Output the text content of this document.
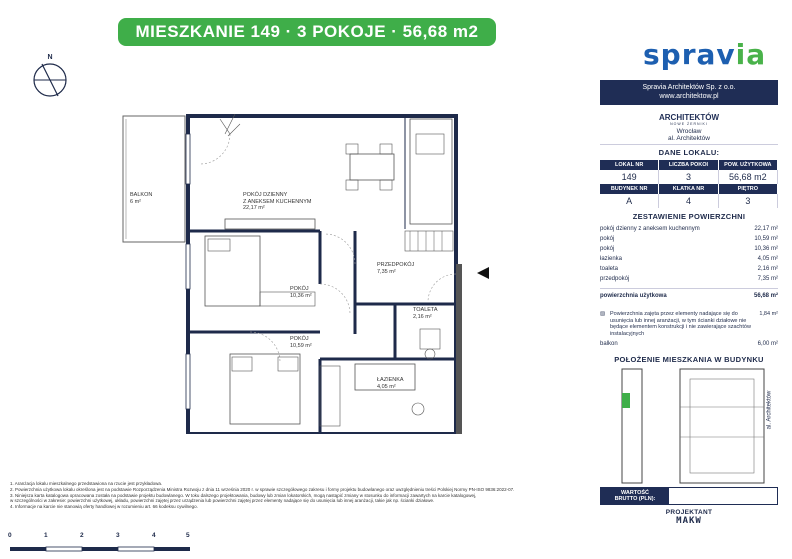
MIESZKANIE 149 · 3 POKOJE · 56,68 m2
spravia
N
POKÓJ DZIENNY
Z ANEKSEM KUCHENNYM
22,17 m²
BALKON
6 m²
POKÓJ
10,36 m²
PRZEDPOKÓJ
7,35 m²
TOALETA
2,16 m²
POKÓJ
10,59 m²
ŁAZIENKA
4,05 m²
Spravia Architektów Sp. z o.o.
www.architektow.pl
ARCHITEKTÓW
NOWE ŻERNIKI
Wrocław
al. Architektów
DANE LOKALU:
LOKAL NR	LICZBA POKOI	POW. UŻYTKOWA
149	3	56,68 m2
BUDYNEK NR	KLATKA NR	PIĘTRO
A	4	3
ZESTAWIENIE POWIERZCHNI
pokój dzienny z aneksem kuchennym	22,17 m²
pokój	10,59 m²
pokój	10,36 m²
łazienka	4,05 m²
toaleta	2,16 m²
przedpokój	7,35 m²
powierzchnia użytkowa	56,68 m²
▨ Powierzchnia zajęta przez elementy nadające się do usunięcia lub innej aranżacji, w tym ścianki działowe nie będące elementem konstrukcji i nie zawierające szachtów instalacyjnych
1,84 m²
balkon	6,00 m²
POŁOŻENIE MIESZKANIA W BUDYNKU
al. Architektów
WARTOŚĆ
BRUTTO (PLN):
PROJEKTANT
MAKW
1. Aranżacja lokalu mieszkalnego przedstawiona na rzucie jest przykładowa.
2. Powierzchnia użytkowa lokalu określona jest na podstawie Rozporządzenia Ministra Rozwoju z dnia 11 września 2020 r. w sprawie szczegółowego zakresu i formy projektu budowlanego oraz uwzględnieniu treści Polskiej Normy PN-ISO 9836:2022-07.
3. Niniejsza karta katalogowa opracowana została na podstawie projektu budowlanego. W toku dalszego projektowania, budowy lub zmian lokatorskich, mogą nastąpić zmiany w stosunku do informacji zawartych na karcie katalogowej,
w szczególności w zakresie: powierzchni użytkowej, układu, powierzchni zajętej przez urządzenia lub powierzchni zajętej przez elementy nadające się do usunięcia lub innej aranżacji, takie jak np. ścianki działowe.
4. Informacje na karcie nie stanowią oferty handlowej w rozumieniu art. 66 kodeksu cywilnego.
0	1	2	3	4	5
